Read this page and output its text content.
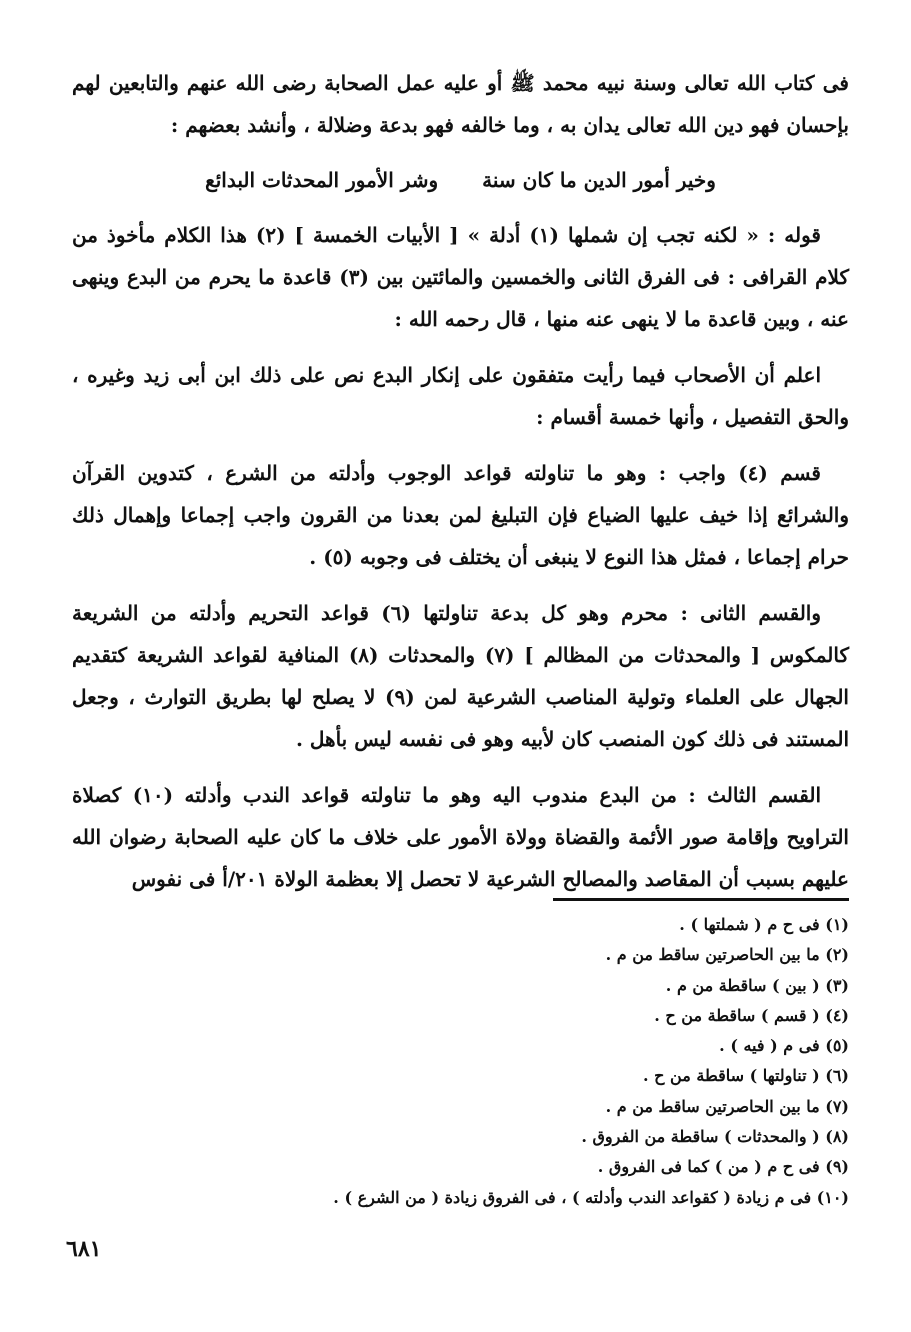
فى كتاب الله تعالى وسنة نبيه محمد ﷺ أو عليه عمل الصحابة رضى الله عنهم والتابعين لهم بإحسان فهو دين الله تعالى يدان به ، وما خالفه فهو بدعة وضلالة ، وأنشد بعضهم :

وخير أمور الدين ما كان سنة
وشر الأمور المحدثات البدائع

قوله : « لكنه تجب إن شملها (١) أدلة » [ الأبيات الخمسة ] (٢) هذا الكلام مأخوذ من كلام القرافى : فى الفرق الثانى والخمسين والمائتين بين (٣) قاعدة ما يحرم من البدع وينهى عنه ، وبين قاعدة ما لا ينهى عنه منها ، قال رحمه الله :

اعلم أن الأصحاب فيما رأيت متفقون على إنكار البدع نص على ذلك ابن أبى زيد وغيره ، والحق التفصيل ، وأنها خمسة أقسام :

قسم (٤) واجب : وهو ما تناولته قواعد الوجوب وأدلته من الشرع ، كتدوين القرآن والشرائع إذا خيف عليها الضياع فإن التبليغ لمن بعدنا من القرون واجب إجماعا وإهمال ذلك حرام إجماعا ، فمثل هذا النوع لا ينبغى أن يختلف فى وجوبه (٥) .

والقسم الثانى : محرم وهو كل بدعة تناولتها (٦) قواعد التحريم وأدلته من الشريعة كالمكوس [ والمحدثات من المظالم ] (٧) والمحدثات (٨) المنافية لقواعد الشريعة كتقديم الجهال على العلماء وتولية المناصب الشرعية لمن (٩) لا يصلح لها بطريق التوارث ، وجعل المستند فى ذلك كون المنصب كان لأبيه وهو فى نفسه ليس بأهل .

القسم الثالث : من البدع مندوب اليه وهو ما تناولته قواعد الندب وأدلته (١٠) كصلاة التراويح وإقامة صور الأئمة والقضاة وولاة الأمور على خلاف ما كان عليه الصحابة رضوان الله عليهم بسبب أن المقاصد والمصالح الشرعية لا تحصل إلا بعظمة الولاة ٢٠١/أ فى نفوس

(١) فى ح م ( شملتها ) .

(٢) ما بين الحاصرتين ساقط من م .

(٣) ( بين ) ساقطة من م .

(٤) ( قسم ) ساقطة من ح .

(٥) فى م ( فيه ) .

(٦) ( تناولتها ) ساقطة من ح .

(٧) ما بين الحاصرتين ساقط من م .

(٨) ( والمحدثات ) ساقطة من الفروق .

(٩) فى ح م ( من ) كما فى الفروق .

(١٠) فى م زيادة ( كقواعد الندب وأدلته ) ، فى الفروق زيادة ( من الشرع ) .

٦٨١
